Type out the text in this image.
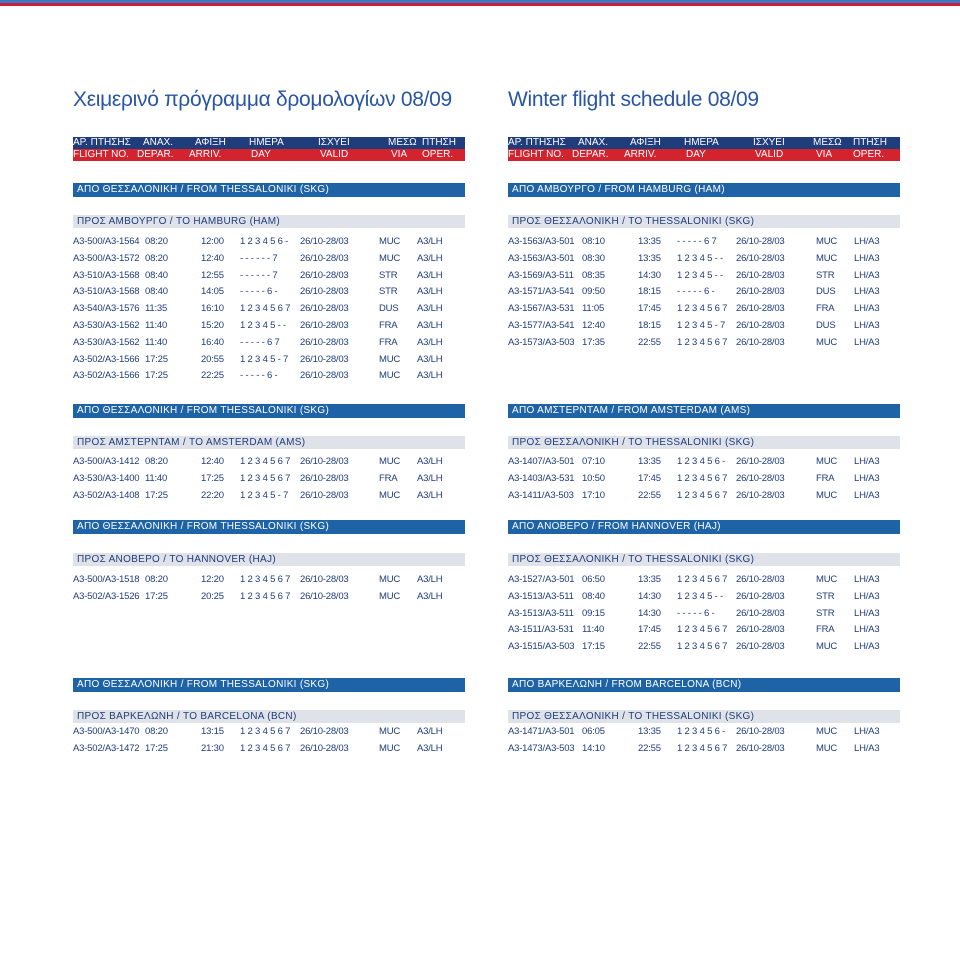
Χειμερινό πρόγραμμα δρομολογίων 08/09
ΑΡ. ΠΤΗΣΗΣ ΑΝΑΧ. ΑΦΙΞΗ ΗΜΕΡΑ	ΙΣΧΥΕΙ	ΜΕΣΩ ΠΤΗΣΗ
FLIGHT NO. DEPAR. ARRIV.	DAY	VALID	VIA OPER.
ΑΠΟ ΘΕΣΣΑΛΟΝΙΚΗ / FROM THESSALONIKI (SKG)
ΠΡΟΣ ΑΜΒΟΥΡΓΟ / TO HAMBURG (HAM)
A3-500/A3-1564 08:20	12:00 1 2 3 4 5 6 - 26/10-28/03	MUC A3/LH
A3-500/A3-1572 08:20	12:40 - - - - - - 7 26/10-28/03	MUC A3/LH
A3-510/A3-1568 08:40	12:55 - - - - - - 7 26/10-28/03	STR A3/LH
A3-510/A3-1568 08:40	14:05 - - - - - 6 - 26/10-28/03	STR A3/LH
A3-540/A3-1576 11:35	16:10 1 2 3 4 5 6 7 26/10-28/03	DUS A3/LH
A3-530/A3-1562 11:40	15:20 1 2 3 4 5 - - 26/10-28/03	FRA A3/LH
A3-530/A3-1562 11:40	16:40 - - - - - 6 7 26/10-28/03	FRA A3/LH
A3-502/A3-1566 17:25	20:55 1 2 3 4 5 - 7 26/10-28/03	MUC A3/LH
A3-502/A3-1566 17:25	22:25 - - - - - 6 - 26/10-28/03	MUC A3/LH
ΑΠΟ ΘΕΣΣΑΛΟΝΙΚΗ / FROM THESSALONIKI (SKG)
ΠΡΟΣ ΑΜΣΤΕΡΝΤΑΜ / TO AMSTERDAM (AMS)
A3-500/A3-1412 08:20	12:40 1 2 3 4 5 6 7 26/10-28/03	MUC A3/LH
A3-530/A3-1400 11:40	17:25 1 2 3 4 5 6 7 26/10-28/03	FRA A3/LH
A3-502/A3-1408 17:25	22:20 1 2 3 4 5 - 7 26/10-28/03	MUC A3/LH
ΑΠΟ ΘΕΣΣΑΛΟΝΙΚΗ / FROM THESSALONIKI (SKG)
ΠΡΟΣ ΑΝΟΒΕΡΟ / TO HANNOVER (HAJ)
A3-500/A3-1518 08:20	12:20 1 2 3 4 5 6 7 26/10-28/03	MUC A3/LH
A3-502/A3-1526 17:25	20:25 1 2 3 4 5 6 7 26/10-28/03	MUC A3/LH
ΑΠΟ ΘΕΣΣΑΛΟΝΙΚΗ / FROM THESSALONIKI (SKG)
ΠΡΟΣ ΒΑΡΚΕΛΩΝΗ / TO BARCELONA (BCN)
A3-500/A3-1470 08:20	13:15 1 2 3 4 5 6 7 26/10-28/03	MUC A3/LH
A3-502/A3-1472 17:25	21:30 1 2 3 4 5 6 7 26/10-28/03	MUC A3/LH
Winter flight schedule 08/09
ΑΡ. ΠΤΗΣΗΣ ΑΝΑΧ. ΑΦΙΞΗ ΗΜΕΡΑ	ΙΣΧΥΕΙ	ΜΕΣΩ ΠΤΗΣΗ
FLIGHT NO. DEPAR. ARRIV.	DAY	VALID	VIA OPER.
ΑΠΟ ΑΜΒΟΥΡΓΟ / FROM HAMBURG (HAM)
ΠΡΟΣ ΘΕΣΣΑΛΟΝΙΚΗ / TO THESSALONIKI (SKG)
A3-1563/A3-501 08:10	13:35 - - - - - 6 7 26/10-28/03	MUC LH/A3
A3-1563/A3-501 08:30	13:35 1 2 3 4 5 - - 26/10-28/03	MUC LH/A3
A3-1569/A3-511 08:35	14:30 1 2 3 4 5 - - 26/10-28/03	STR LH/A3
A3-1571/A3-541 09:50	18:15 - - - - - 6 - 26/10-28/03	DUS LH/A3
A3-1567/A3-531 11:05	17:45 1 2 3 4 5 6 7 26/10-28/03	FRA LH/A3
A3-1577/A3-541 12:40	18:15 1 2 3 4 5 - 7 26/10-28/03	DUS LH/A3
A3-1573/A3-503 17:35	22:55 1 2 3 4 5 6 7 26/10-28/03	MUC LH/A3
ΑΠΟ ΑΜΣΤΕΡΝΤΑΜ / FROM AMSTERDAM (AMS)
ΠΡΟΣ ΘΕΣΣΑΛΟΝΙΚΗ / TO THESSALONIKI (SKG)
A3-1407/A3-501 07:10	13:35 1 2 3 4 5 6 - 26/10-28/03	MUC LH/A3
A3-1403/A3-531 10:50	17:45 1 2 3 4 5 6 7 26/10-28/03	FRA LH/A3
A3-1411/A3-503 17:10	22:55 1 2 3 4 5 6 7 26/10-28/03	MUC LH/A3
ΑΠΟ ΑΝΟΒΕΡΟ / FROM HANNOVER (HAJ)
ΠΡΟΣ ΘΕΣΣΑΛΟΝΙΚΗ / TO THESSALONIKI (SKG)
A3-1527/A3-501 06:50	13:35 1 2 3 4 5 6 7 26/10-28/03	MUC LH/A3
A3-1513/A3-511 08:40	14:30 1 2 3 4 5 - - 26/10-28/03	STR LH/A3
A3-1513/A3-511 09:15	14:30 - - - - - 6 - 26/10-28/03	STR LH/A3
A3-1511/A3-531 11:40	17:45 1 2 3 4 5 6 7 26/10-28/03	FRA LH/A3
A3-1515/A3-503 17:15	22:55 1 2 3 4 5 6 7 26/10-28/03	MUC LH/A3
ΑΠΟ ΒΑΡΚΕΛΩΝΗ / FROM BARCELONA (BCN)
ΠΡΟΣ ΘΕΣΣΑΛΟΝΙΚΗ / TO THESSALONIKI (SKG)
A3-1471/A3-501 06:05	13:35 1 2 3 4 5 6 - 26/10-28/03	MUC LH/A3
A3-1473/A3-503 14:10	22:55 1 2 3 4 5 6 7 26/10-28/03	MUC LH/A3
